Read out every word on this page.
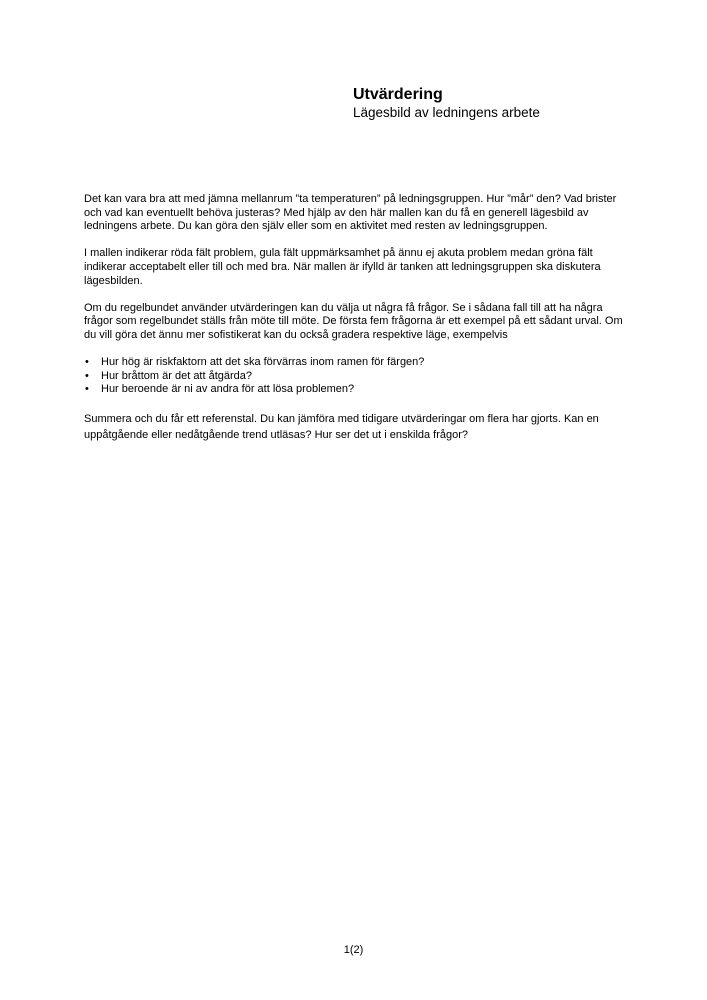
Utvärdering

Lägesbild av ledningens arbete

Det kan vara bra att med jämna mellanrum ”ta temperaturen” på ledningsgruppen. Hur ”mår” den? Vad brister och vad kan eventuellt behöva justeras? Med hjälp av den här mallen kan du få en generell lägesbild av ledningens arbete. Du kan göra den själv eller som en aktivitet med resten av ledningsgruppen.

I mallen indikerar röda fält problem, gula fält uppmärksamhet på ännu ej akuta problem medan gröna fält indikerar acceptabelt eller till och med bra. När mallen är ifylld är tanken att ledningsgruppen ska diskutera lägesbilden.

Om du regelbundet använder utvärderingen kan du välja ut några få frågor. Se i sådana fall till att ha några frågor som regelbundet ställs från möte till möte. De första fem frågorna är ett exempel på ett sådant urval. Om du vill göra det ännu mer sofistikerat kan du också gradera respektive läge, exempelvis

• Hur hög är riskfaktorn att det ska förvärras inom ramen för färgen?
• Hur bråttom är det att åtgärda?
• Hur beroende är ni av andra för att lösa problemen?

Summera och du får ett referenstal. Du kan jämföra med tidigare utvärderingar om flera har gjorts. Kan en uppåtgående eller nedåtgående trend utläsas? Hur ser det ut i enskilda frågor?

1(2)
